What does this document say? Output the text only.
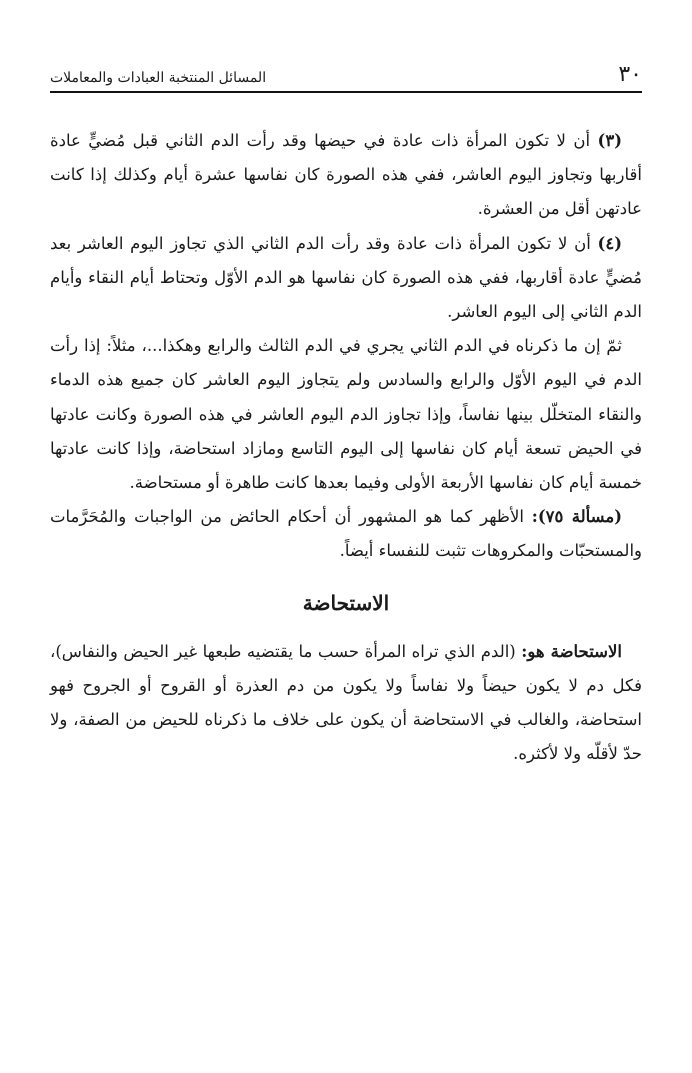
٣٠
المسائل المنتخبة العبادات والمعاملات

(٣) أن لا تكون المرأة ذات عادة في حيضها وقد رأت الدم الثاني قبل مُضيٍّ عادة أقاربها وتجاوز اليوم العاشر، ففي هذه الصورة كان نفاسها عشرة أيام وكذلك إذا كانت عادتهن أقل من العشرة.

(٤) أن لا تكون المرأة ذات عادة وقد رأت الدم الثاني الذي تجاوز اليوم العاشر بعد مُضيٍّ عادة أقاربها، ففي هذه الصورة كان نفاسها هو الدم الأوّل وتحتاط أيام النقاء وأيام الدم الثاني إلى اليوم العاشر.

ثمّ إن ما ذكرناه في الدم الثاني يجري في الدم الثالث والرابع وهكذا...، مثلاً: إذا رأت الدم في اليوم الأوّل والرابع والسادس ولم يتجاوز اليوم العاشر كان جميع هذه الدماء والنقاء المتخلّل بينها نفاساً، وإذا تجاوز الدم اليوم العاشر في هذه الصورة وكانت عادتها في الحيض تسعة أيام كان نفاسها إلى اليوم التاسع ومازاد استحاضة، وإذا كانت عادتها خمسة أيام كان نفاسها الأربعة الأولى وفيما بعدها كانت طاهرة أو مستحاضة.

(مسألة ٧٥): الأظهر كما هو المشهور أن أحكام الحائض من الواجبات والمُحَرَّمات والمستحبّات والمكروهات تثبت للنفساء أيضاً.

الاستحاضة

الاستحاضة هو: (الدم الذي تراه المرأة حسب ما يقتضيه طبعها غير الحيض والنفاس)، فكل دم لا يكون حيضاً ولا نفاساً ولا يكون من دم العذرة أو القروح أو الجروح فهو استحاضة، والغالب في الاستحاضة أن يكون على خلاف ما ذكرناه للحيض من الصفة، ولا حدّ لأقلّه ولا لأكثره.
